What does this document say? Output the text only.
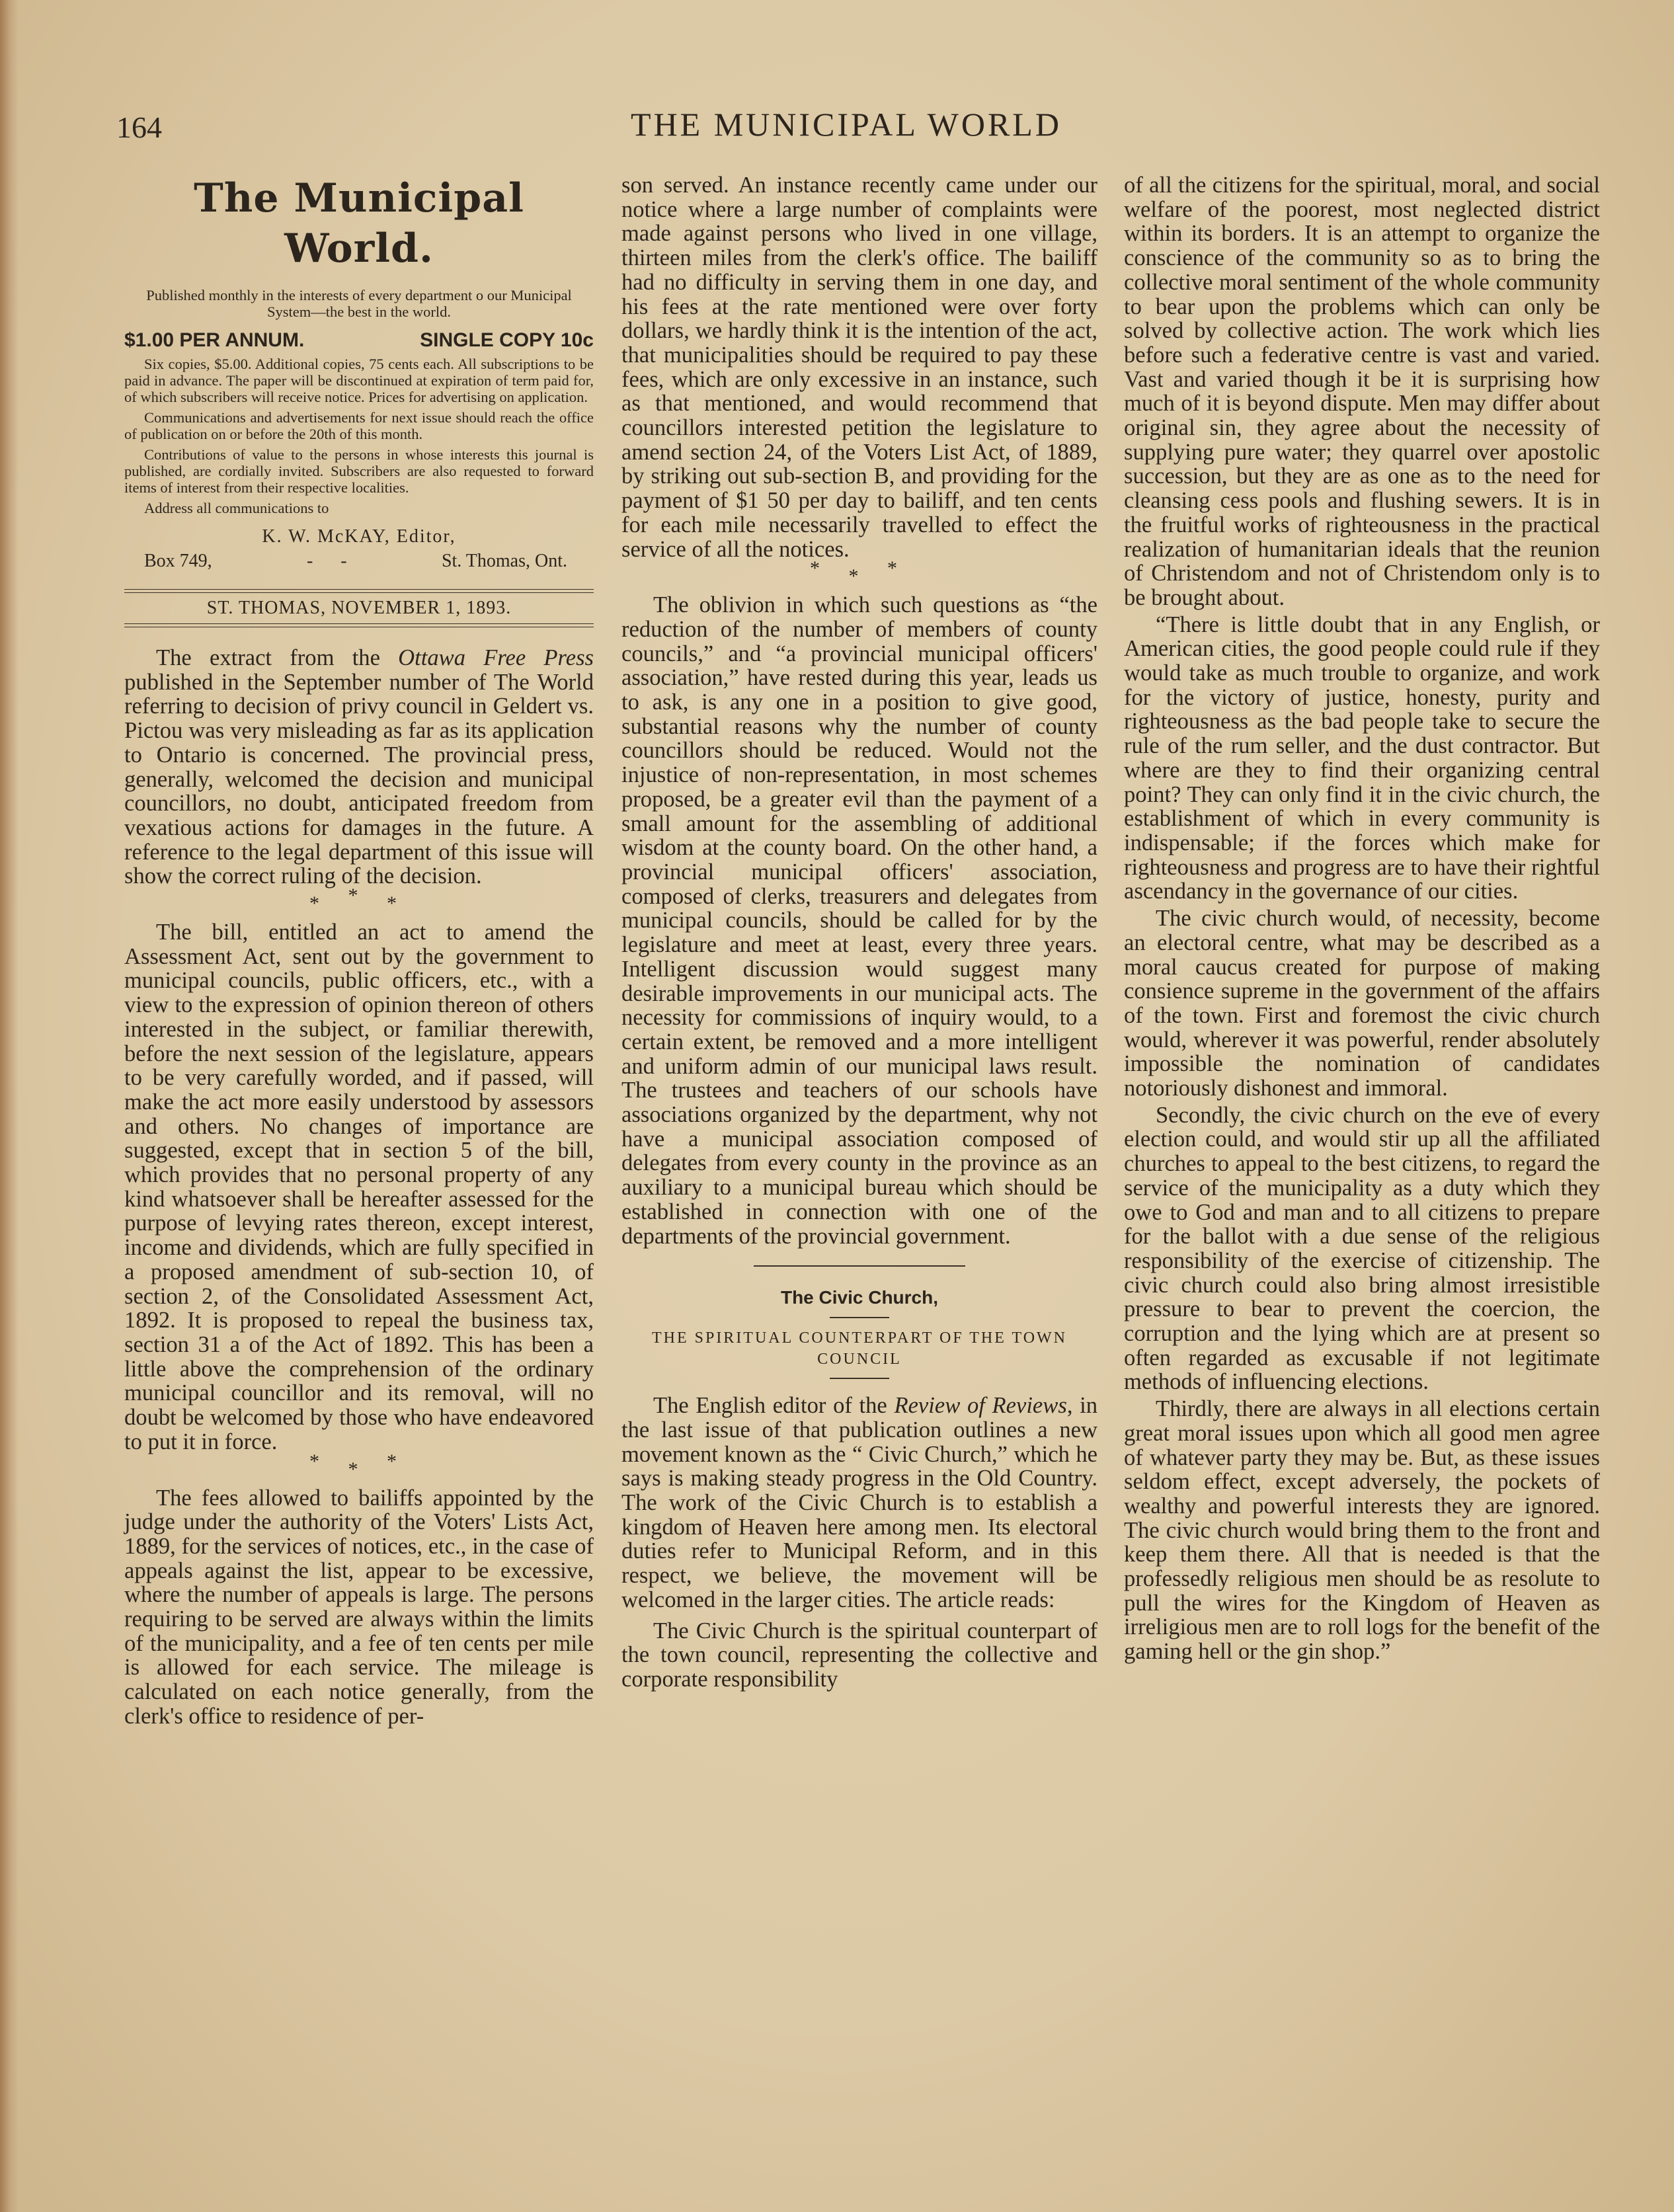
164	THE MUNICIPAL WORLD
The Municipal World.

Published monthly in the interests of every department o our Municipal System—the best in the world.

$1.00 PER ANNUM.	SINGLE COPY 10c

Six copies, $5.00. Additional copies, 75 cents each. All subscriptions to be paid in advance. The paper will be discontinued at expiration of term paid for, of which subscribers will receive notice. Prices for advertising on application.

Communications and advertisements for next issue should reach the office of publication on or before the 20th of this month.

Contributions of value to the persons in whose interests this journal is published, are cordially invited. Subscribers are also requested to forward items of interest from their respective localities.

Address all communications to

K. W. McKAY, Editor,
Box 749,	-      -	St. Thomas, Ont.
ST. THOMAS, NOVEMBER 1, 1893.

The extract from the Ottawa Free Press published in the September number of The World referring to decision of privy council in Geldert vs. Pictou was very misleading as far as its application to Ontario is concerned. The provincial press, generally, welcomed the decision and municipal councillors, no doubt, anticipated freedom from vexatious actions for damages in the future. A reference to the legal department of this issue will show the correct ruling of the decision.

* * *

The bill, entitled an act to amend the Assessment Act, sent out by the government to municipal councils, public officers, etc., with a view to the expression of opinion thereon of others interested in the subject, or familiar therewith, before the next session of the legislature, appears to be very carefully worded, and if passed, will make the act more easily understood by assessors and others. No changes of importance are suggested, except that in section 5 of the bill, which provides that no personal property of any kind whatsoever shall be hereafter assessed for the purpose of levying rates thereon, except interest, income and dividends, which are fully specified in a proposed amendment of sub-section 10, of section 2, of the Consolidated Assessment Act, 1892. It is proposed to repeal the business tax, section 31 a of the Act of 1892. This has been a little above the comprehension of the ordinary municipal councillor and its removal, will no doubt be welcomed by those who have endeavored to put it in force.

* * *

The fees allowed to bailiffs appointed by the judge under the authority of the Voters' Lists Act, 1889, for the services of notices, etc., in the case of appeals against the list, appear to be excessive, where the number of appeals is large. The persons requiring to be served are always within the limits of the municipality, and a fee of ten cents per mile is allowed for each service. The mileage is calculated on each notice generally, from the clerk's office to residence of per-

son served. An instance recently came under our notice where a large number of complaints were made against persons who lived in one village, thirteen miles from the clerk's office. The bailiff had no difficulty in serving them in one day, and his fees at the rate mentioned were over forty dollars, we hardly think it is the intention of the act, that municipalities should be required to pay these fees, which are only excessive in an instance, such as that mentioned, and would recommend that councillors interested petition the legislature to amend section 24, of the Voters List Act, of 1889, by striking out sub-section B, and providing for the payment of $1 50 per day to bailiff, and ten cents for each mile necessarily travelled to effect the service of all the notices.

* * *

The oblivion in which such questions as “the reduction of the number of members of county councils,” and “a provincial municipal officers' association,” have rested during this year, leads us to ask, is any one in a position to give good, substantial reasons why the number of county councillors should be reduced. Would not the injustice of non-representation, in most schemes proposed, be a greater evil than the payment of a small amount for the assembling of additional wisdom at the county board. On the other hand, a provincial municipal officers' association, composed of clerks, treasurers and delegates from municipal councils, should be called for by the legislature and meet at least, every three years. Intelligent discussion would suggest many desirable improvements in our municipal acts. The necessity for commissions of inquiry would, to a certain extent, be removed and a more intelligent and uniform admin of our municipal laws result. The trustees and teachers of our schools have associations organized by the department, why not have a municipal association composed of delegates from every county in the province as an auxiliary to a municipal bureau which should be established in connection with one of the departments of the provincial government.

The Civic Church,

THE SPIRITUAL COUNTERPART OF THE TOWN COUNCIL

The English editor of the Review of Reviews, in the last issue of that publication outlines a new movement known as the “ Civic Church,” which he says is making steady progress in the Old Country. The work of the Civic Church is to establish a kingdom of Heaven here among men. Its electoral duties refer to Municipal Reform, and in this respect, we believe, the movement will be welcomed in the larger cities. The article reads:

The Civic Church is the spiritual counterpart of the town council, representing the collective and corporate responsibility

of all the citizens for the spiritual, moral, and social welfare of the poorest, most neglected district within its borders. It is an attempt to organize the conscience of the community so as to bring the collective moral sentiment of the whole community to bear upon the problems which can only be solved by collective action. The work which lies before such a federative centre is vast and varied. Vast and varied though it be it is surprising how much of it is beyond dispute. Men may differ about original sin, they agree about the necessity of supplying pure water; they quarrel over apostolic succession, but they are as one as to the need for cleansing cess pools and flushing sewers. It is in the fruitful works of righteousness in the practical realization of humanitarian ideals that the reunion of Christendom and not of Christendom only is to be brought about.

“There is little doubt that in any English, or American cities, the good people could rule if they would take as much trouble to organize, and work for the victory of justice, honesty, purity and righteousness as the bad people take to secure the rule of the rum seller, and the dust contractor. But where are they to find their organizing central point? They can only find it in the civic church, the establishment of which in every community is indispensable; if the forces which make for righteousness and progress are to have their rightful ascendancy in the governance of our cities.

The civic church would, of necessity, become an electoral centre, what may be described as a moral caucus created for purpose of making consience supreme in the government of the affairs of the town. First and foremost the civic church would, wherever it was powerful, render absolutely impossible the nomination of candidates notoriously dishonest and immoral.

Secondly, the civic church on the eve of every election could, and would stir up all the affiliated churches to appeal to the best citizens, to regard the service of the municipality as a duty which they owe to God and man and to all citizens to prepare for the ballot with a due sense of the religious responsibility of the exercise of citizenship. The civic church could also bring almost irresistible pressure to bear to prevent the coercion, the corruption and the lying which are at present so often regarded as excusable if not legitimate methods of influencing elections.

Thirdly, there are always in all elections certain great moral issues upon which all good men agree of whatever party they may be. But, as these issues seldom effect, except adversely, the pockets of wealthy and powerful interests they are ignored. The civic church would bring them to the front and keep them there. All that is needed is that the professedly religious men should be as resolute to pull the wires for the Kingdom of Heaven as irreligious men are to roll logs for the benefit of the gaming hell or the gin shop.”
